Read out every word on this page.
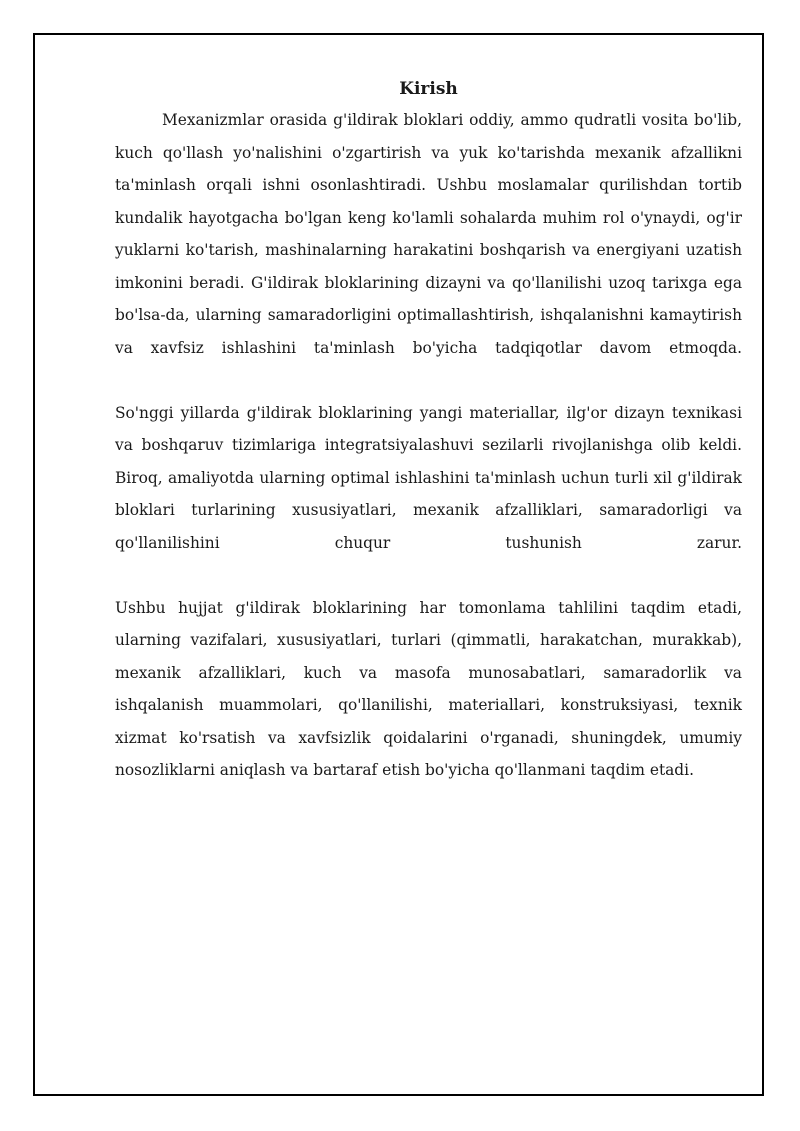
Kirish

Mexanizmlar orasida g'ildirak bloklari oddiy, ammo qudratli vosita bo'lib, kuch qo'llash yo'nalishini o'zgartirish va yuk ko'tarishda mexanik afzallikni ta'minlash orqali ishni osonlashtiradi. Ushbu moslamalar qurilishdan tortib kundalik hayotgacha bo'lgan keng ko'lamli sohalarda muhim rol o'ynaydi, og'ir yuklarni ko'tarish, mashinalarning harakatini boshqarish va energiyani uzatish imkonini beradi. G'ildirak bloklarining dizayni va qo'llanilishi uzoq tarixga ega bo'lsa-da, ularning samaradorligini optimallashtirish, ishqalanishni kamaytirish va xavfsiz ishlashini ta'minlash bo'yicha tadqiqotlar davom etmoqda.

So'nggi yillarda g'ildirak bloklarining yangi materiallar, ilg'or dizayn texnikasi va boshqaruv tizimlariga integratsiyalashuvi sezilarli rivojlanishga olib keldi. Biroq, amaliyotda ularning optimal ishlashini ta'minlash uchun turli xil g'ildirak bloklari turlarining xususiyatlari, mexanik afzalliklari, samaradorligi va qo'llanilishini chuqur tushunish zarur.

Ushbu hujjat g'ildirak bloklarining har tomonlama tahlilini taqdim etadi, ularning vazifalari, xususiyatlari, turlari (qimmatli, harakatchan, murakkab), mexanik afzalliklari, kuch va masofa munosabatlari, samaradorlik va ishqalanish muammolari, qo'llanilishi, materiallari, konstruksiyasi, texnik xizmat ko'rsatish va xavfsizlik qoidalarini o'rganadi, shuningdek, umumiy nosozliklarni aniqlash va bartaraf etish bo'yicha qo'llanmani taqdim etadi.
